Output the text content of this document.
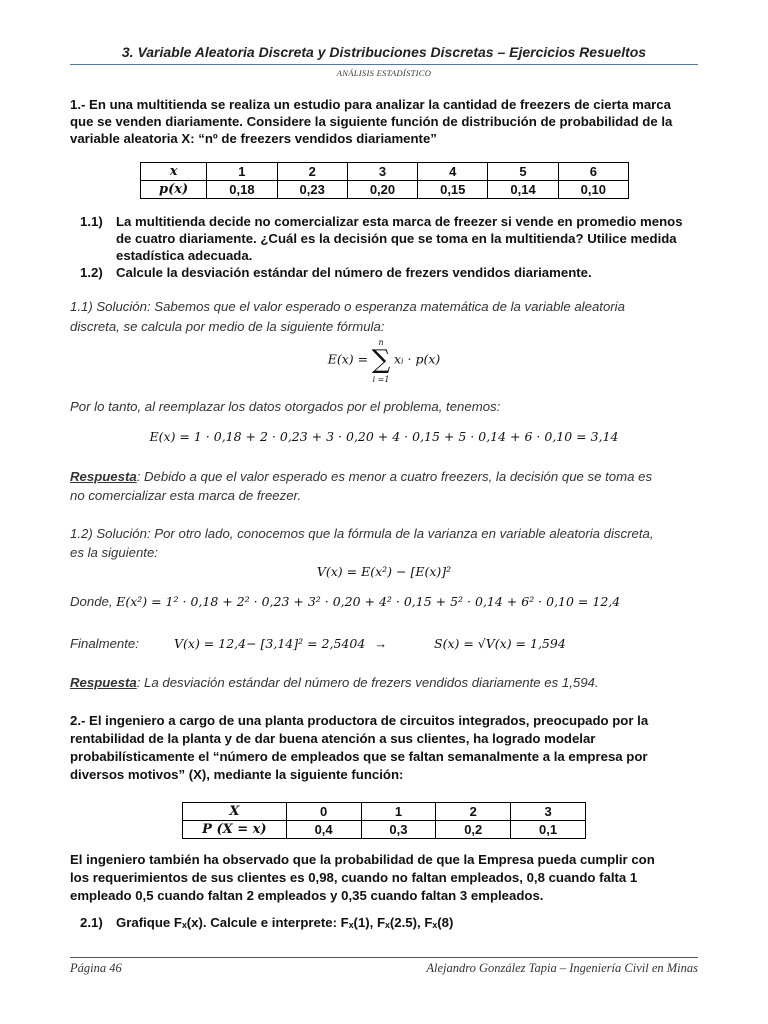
3. Variable Aleatoria Discreta y Distribuciones Discretas – Ejercicios Resueltos
ANÁLISIS ESTADÍSTICO
1.- En una multitienda se realiza un estudio para analizar la cantidad de freezers de cierta marca
que se venden diariamente. Considere la siguiente función de distribución de probabilidad de la
variable aleatoria X: “nº de freezers vendidos diariamente”
x	1	2	3	4	5	6
p(x)	0,18	0,23	0,20	0,15	0,14	0,10
1.1) La multitienda decide no comercializar esta marca de freezer si vende en promedio menos
de cuatro diariamente. ¿Cuál es la decisión que se toma en la multitienda? Utilice medida
estadística adecuada.
1.2) Calcule la desviación estándar del número de frezers vendidos diariamente.
1.1) Solución: Sabemos que el valor esperado o esperanza matemática de la variable aleatoria
discreta, se calcula por medio de la siguiente fórmula:
E(x) = n
∑
i =1 xᵢ · p(x)
Por lo tanto, al reemplazar los datos otorgados por el problema, tenemos:
E(x) = 1 · 0,18 + 2 · 0,23 + 3 · 0,20 + 4 · 0,15 + 5 · 0,14 + 6 · 0,10 = 3,14
Respuesta: Debido a que el valor esperado es menor a cuatro freezers, la decisión que se toma es
no comercializar esta marca de freezer.
1.2) Solución: Por otro lado, conocemos que la fórmula de la varianza en variable aleatoria discreta,
es la siguiente:
V(x) = E(x²) − [E(x)]²
Donde, E(x²) = 1² · 0,18 + 2² · 0,23 + 3² · 0,20 + 4² · 0,15 + 5² · 0,14 + 6² · 0,10 = 12,4
Finalmente:	V(x) = 12,4− [3,14]² = 2,5404 →	S(x) = √V(x) = 1,594
Respuesta: La desviación estándar del número de frezers vendidos diariamente es 1,594.
2.- El ingeniero a cargo de una planta productora de circuitos integrados, preocupado por la
rentabilidad de la planta y de dar buena atención a sus clientes, ha logrado modelar
probabilísticamente el “número de empleados que se faltan semanalmente a la empresa por
diversos motivos” (X), mediante la siguiente función:
X	0	1	2	3
P (X = x)	0,4	0,3	0,2	0,1
El ingeniero también ha observado que la probabilidad de que la Empresa pueda cumplir con
los requerimientos de sus clientes es 0,98, cuando no faltan empleados, 0,8 cuando falta 1
empleado 0,5 cuando faltan 2 empleados y 0,35 cuando faltan 3 empleados.
2.1) Grafique Fₓ(x). Calcule e interprete: Fₓ(1), Fₓ(2.5), Fₓ(8)
Página 46	Alejandro González Tapia – Ingeniería Civil en Minas
